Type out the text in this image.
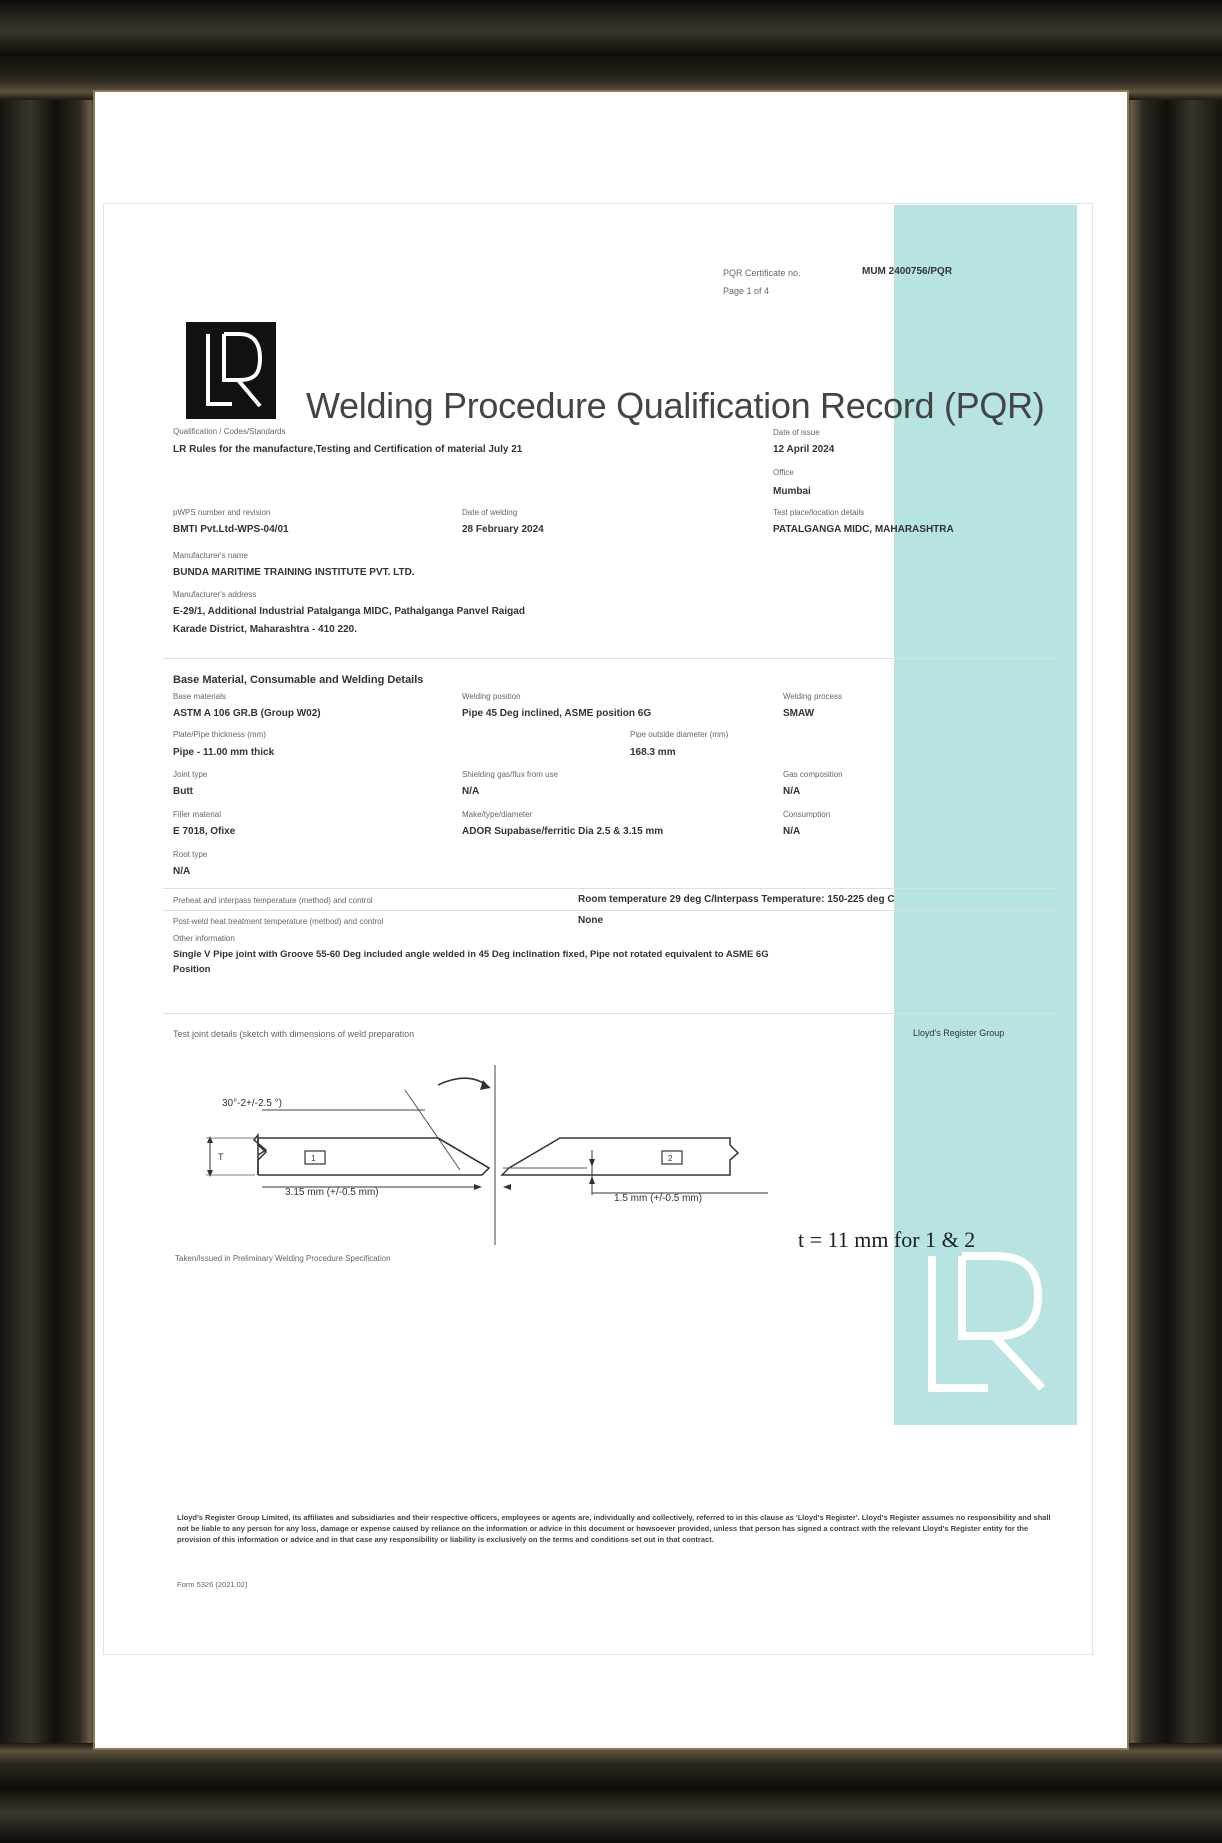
Lloyd's Register Group
PQR Certificate no.	MUM 2400756/PQR
Page 1 of 4
Welding Procedure Qualification Record (PQR)
Qualification / Codes/Standards
LR Rules for the manufacture,Testing and Certification of material July 21
Date of issue
12 April 2024
Office
Mumbai
pWPS number and revision
BMTI Pvt.Ltd-WPS-04/01
Date of welding
28 February 2024
Test place/location details
PATALGANGA MIDC, MAHARASHTRA
Manufacturer's name
BUNDA MARITIME TRAINING INSTITUTE PVT. LTD.
Manufacturer's address
E-29/1, Additional Industrial Patalganga MIDC, Pathalganga Panvel Raigad
Karade District, Maharashtra - 410 220.
Base Material, Consumable and Welding Details
Base materials
ASTM A 106 GR.B (Group W02)
Welding position
Pipe 45 Deg inclined, ASME position 6G
Welding process
SMAW
Plate/Pipe thickness (mm)
Pipe - 11.00 mm thick
Pipe outside diameter (mm)
168.3 mm
Joint type
Butt
Shielding gas/flux from use
N/A
Gas composition
N/A
Filler material
E 7018, Ofixe
Make/type/diameter
ADOR Supabase/ferritic Dia 2.5 & 3.15 mm
Consumption
N/A
Root type
N/A
Preheat and interpass temperature (method) and control	Room temperature 29 deg C/Interpass Temperature: 150-225 deg C
Post-weld heat treatment temperature (method) and control	None
Other information
Single V Pipe joint with Groove 55-60 Deg included angle welded in 45 Deg inclination fixed, Pipe not rotated equivalent to ASME 6G
Position
Test joint details (sketch with dimensions of weld preparation
30°-2+/-2.5 °)
T	1	2
3.15 mm (+/-0.5 mm)
1.5 mm (+/-0.5 mm)
t = 11 mm for 1 & 2
Taken/Issued in Preliminary Welding Procedure Specification
Lloyd's Register Group Limited, its affiliates and subsidiaries and their respective officers, employees or agents are, individually and collectively, referred to in this clause as 'Lloyd's Register'. Lloyd's Register assumes no responsibility and shall not be liable to any person for any loss, damage or expense caused by reliance on the information or advice in this document or howsoever provided, unless that person has signed a contract with the relevant Lloyd's Register entity for the provision of this information or advice and in that case any responsibility or liability is exclusively on the terms and conditions set out in that contract.
Form 5326 (2021.02)
